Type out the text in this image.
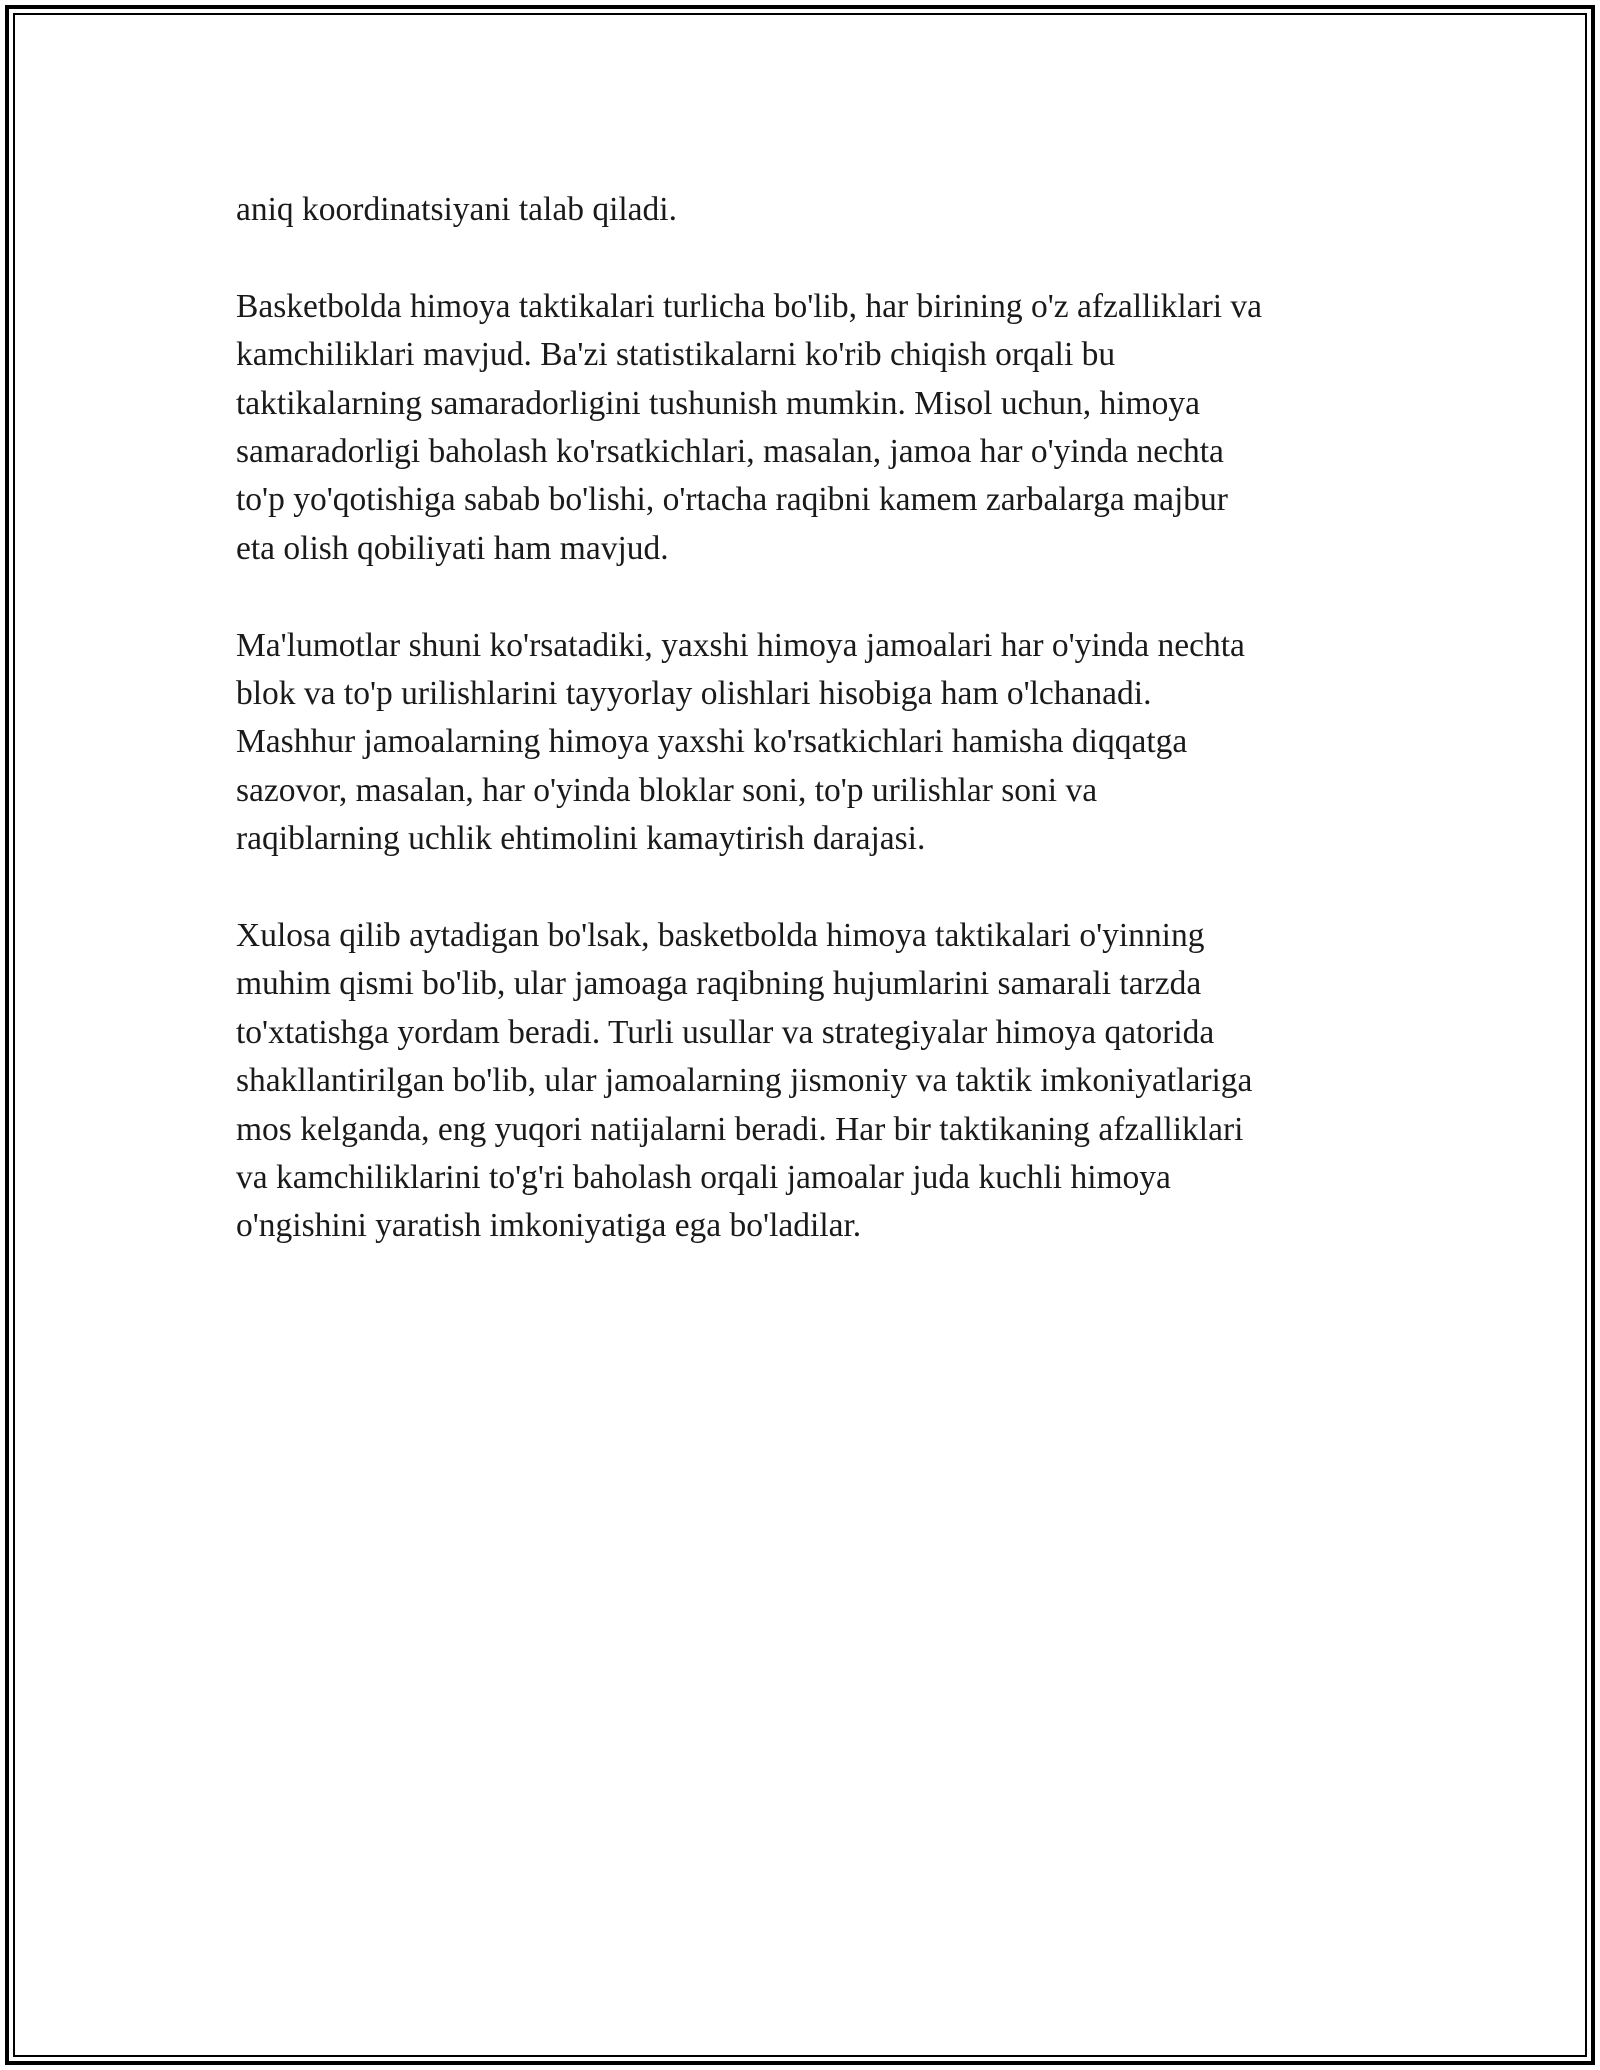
aniq koordinatsiyani talab qiladi.

Basketbolda himoya taktikalari turlicha bo'lib, har birining o'z afzalliklari va
kamchiliklari mavjud. Ba'zi statistikalarni ko'rib chiqish orqali bu
taktikalarning samaradorligini tushunish mumkin. Misol uchun, himoya
samaradorligi baholash ko'rsatkichlari, masalan, jamoa har o'yinda nechta
to'p yo'qotishiga sabab bo'lishi, o'rtacha raqibni kamem zarbalarga majbur
eta olish qobiliyati ham mavjud.

Ma'lumotlar shuni ko'rsatadiki, yaxshi himoya jamoalari har o'yinda nechta
blok va to'p urilishlarini tayyorlay olishlari hisobiga ham o'lchanadi.
Mashhur jamoalarning himoya yaxshi ko'rsatkichlari hamisha diqqatga
sazovor, masalan, har o'yinda bloklar soni, to'p urilishlar soni va
raqiblarning uchlik ehtimolini kamaytirish darajasi.

Xulosa qilib aytadigan bo'lsak, basketbolda himoya taktikalari o'yinning
muhim qismi bo'lib, ular jamoaga raqibning hujumlarini samarali tarzda
to'xtatishga yordam beradi. Turli usullar va strategiyalar himoya qatorida
shakllantirilgan bo'lib, ular jamoalarning jismoniy va taktik imkoniyatlariga
mos kelganda, eng yuqori natijalarni beradi. Har bir taktikaning afzalliklari
va kamchiliklarini to'g'ri baholash orqali jamoalar juda kuchli himoya
o'ngishini yaratish imkoniyatiga ega bo'ladilar.
